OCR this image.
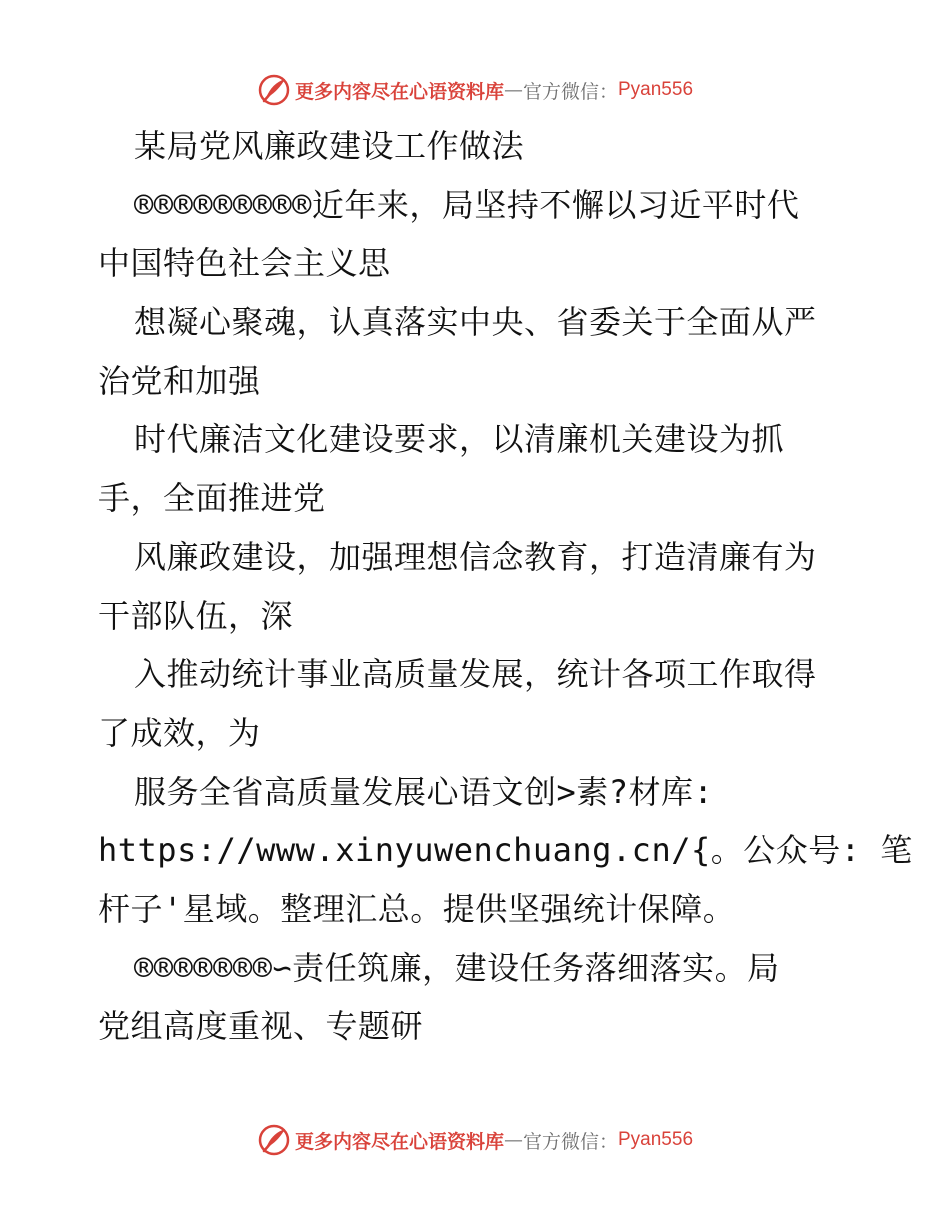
更多内容尽在心语资料库 — 官方微信： Pyan556
某局党风廉政建设工作做法
®®®®®®®®®近年来，局坚持不懈以习近平时代
中国特色社会主义思
想凝心聚魂，认真落实中央、省委关于全面从严
治党和加强
时代廉洁文化建设要求，以清廉机关建设为抓
手，全面推进党
风廉政建设，加强理想信念教育，打造清廉有为
干部队伍，深
入推动统计事业高质量发展，统计各项工作取得
了成效，为
服务全省高质量发展心语文创>素?材库:
https://www.xinyuwenchuang.cn/{。公众号: 笔
杆子'星域。整理汇总。提供坚强统计保障。
®®®®®®®∽责任筑廉，建设任务落细落实。局
党组高度重视、专题研
更多内容尽在心语资料库 — 官方微信： Pyan556
